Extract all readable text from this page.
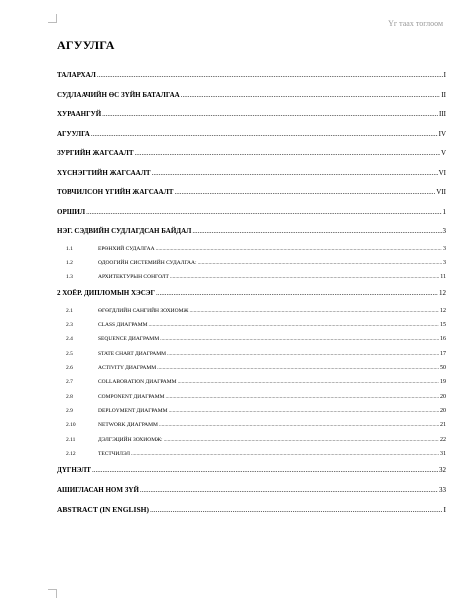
Үг таах тоглоом
АГУУЛГА
ТАЛАРХАЛ .....	I
СУДЛААЧИЙН ӨС ЗҮЙН БАТАЛГАА .....	II
ХУРААНГУЙ .....	III
АГУУЛГА .....	IV
ЗУРГИЙН ЖАГСААЛТ .....	V
ХҮСНЭГТИЙН ЖАГСААЛТ .....	VI
ТОВЧИЛСОН ҮГИЙН ЖАГСААЛТ .....	VII
ОРШИЛ .....	1
НЭГ. СЭДВИЙН СУДЛАГДСАН БАЙДАЛ .....	3
1.1	ЕРӨНХИЙ СУДАЛГАА .....	3
1.2	ОДООГИЙН СИСТЕМИЙН СУДАЛГАА: .....	3
1.3	АРХИТЕКТУРЫН СОНГОЛТ .....	11
2 ХОЁР. ДИПЛОМЫН ХЭСЭГ .....	12
2.1	ӨГӨГДЛИЙН САНГИЙН ЗОХИОМЖ .....	12
2.3	CLASS ДИАГРАММ .....	15
2.4	SEQUENCE ДИАГРАММ .....	16
2.5	STATE CHART ДИАГРАММ .....	17
2.6	ACTIVITY ДИАГРАММ .....	50
2.7	COLLABORATION ДИАГРАММ .....	19
2.8	COMPONENT ДИАГРАММ .....	20
2.9	DEPLOYMENT ДИАГРАММ .....	20
2.10	NETWORK ДИАГРАММ .....	21
2.11	ДЭЛГЭЦИЙН ЗОХИОМЖ: .....	22
2.12	ТЕСТЧИЛЭЛ .....	31
ДҮГНЭЛТ .....	32
АШИГЛАСАН НОМ ЗҮЙ .....	33
ABSTRACT (IN ENGLISH) .....	I
